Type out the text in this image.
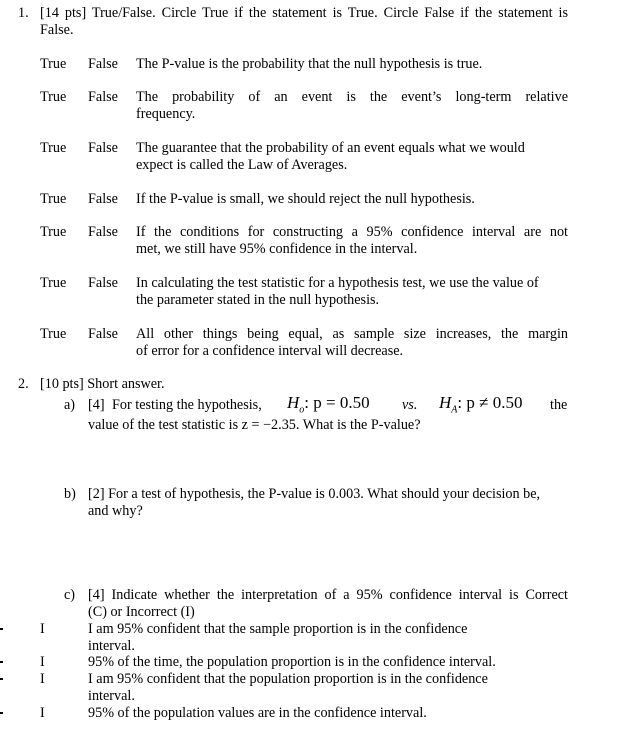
1. [14 pts] True/False. Circle True if the statement is True. Circle False if the statement is
False.
True False The P-value is the probability that the null hypothesis is true.
True False The probability of an event is the event’s long-term relative
frequency.
True False The guarantee that the probability of an event equals what we would
expect is called the Law of Averages.
True False If the P-value is small, we should reject the null hypothesis.
True False If the conditions for constructing a 95% confidence interval are not
met, we still have 95% confidence in the interval.
True False In calculating the test statistic for a hypothesis test, we use the value of
the parameter stated in the null hypothesis.
True False All other things being equal, as sample size increases, the margin
of error for a confidence interval will decrease.
2. [10 pts] Short answer.
a) [4] For testing the hypothesis, $H_o$: p = 0.50 vs. $H_A$: p ≠ 0.50 the
value of the test statistic is z = −2.35. What is the P-value?
b) [2] For a test of hypothesis, the P-value is 0.003. What should your decision be,
and why?
c) [4] Indicate whether the interpretation of a 95% confidence interval is Correct
(C) or Incorrect (I)
I	I am 95% confident that the sample proportion is in the confidence
interval.
I	95% of the time, the population proportion is in the confidence interval.
I	I am 95% confident that the population proportion is in the confidence
interval.
I	95% of the population values are in the confidence interval.
